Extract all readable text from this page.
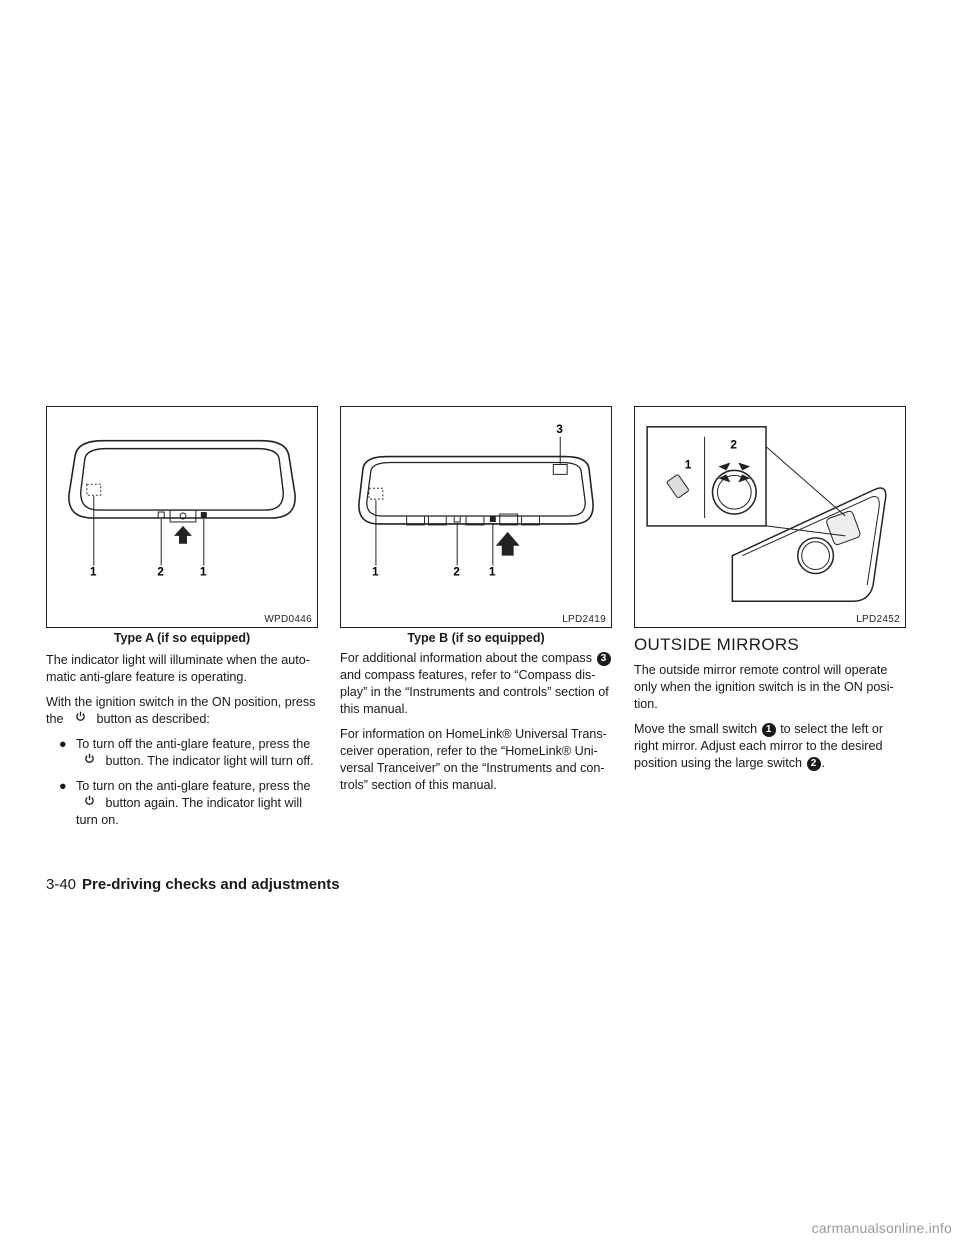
1	2	1
WPD0446
Type A (if so equipped)
3
1	2 1
LPD2419
Type B (if so equipped)
1
2
LPD2452

The indicator light will illuminate when the auto-matic anti-glare feature is operating.

With the ignition switch in the ON position, press the	button as described:

● To turn off the anti-glare feature, press the  button. The indicator light will turn off.
● To turn on the anti-glare feature, press the  button again. The indicator light will turn on.

For additional information about the compass 3 and compass features, refer to “Compass dis-play” in the “Instruments and controls” section of this manual.

For information on HomeLink® Universal Trans-ceiver operation, refer to the “HomeLink® Uni-versal Tranceiver” on the “Instruments and con-trols” section of this manual.

OUTSIDE MIRRORS

The outside mirror remote control will operate only when the ignition switch is in the ON posi-tion.

Move the small switch 1 to select the left or right mirror. Adjust each mirror to the desired position using the large switch 2 .

3-40 Pre-driving checks and adjustments
carmanualsonline.info
